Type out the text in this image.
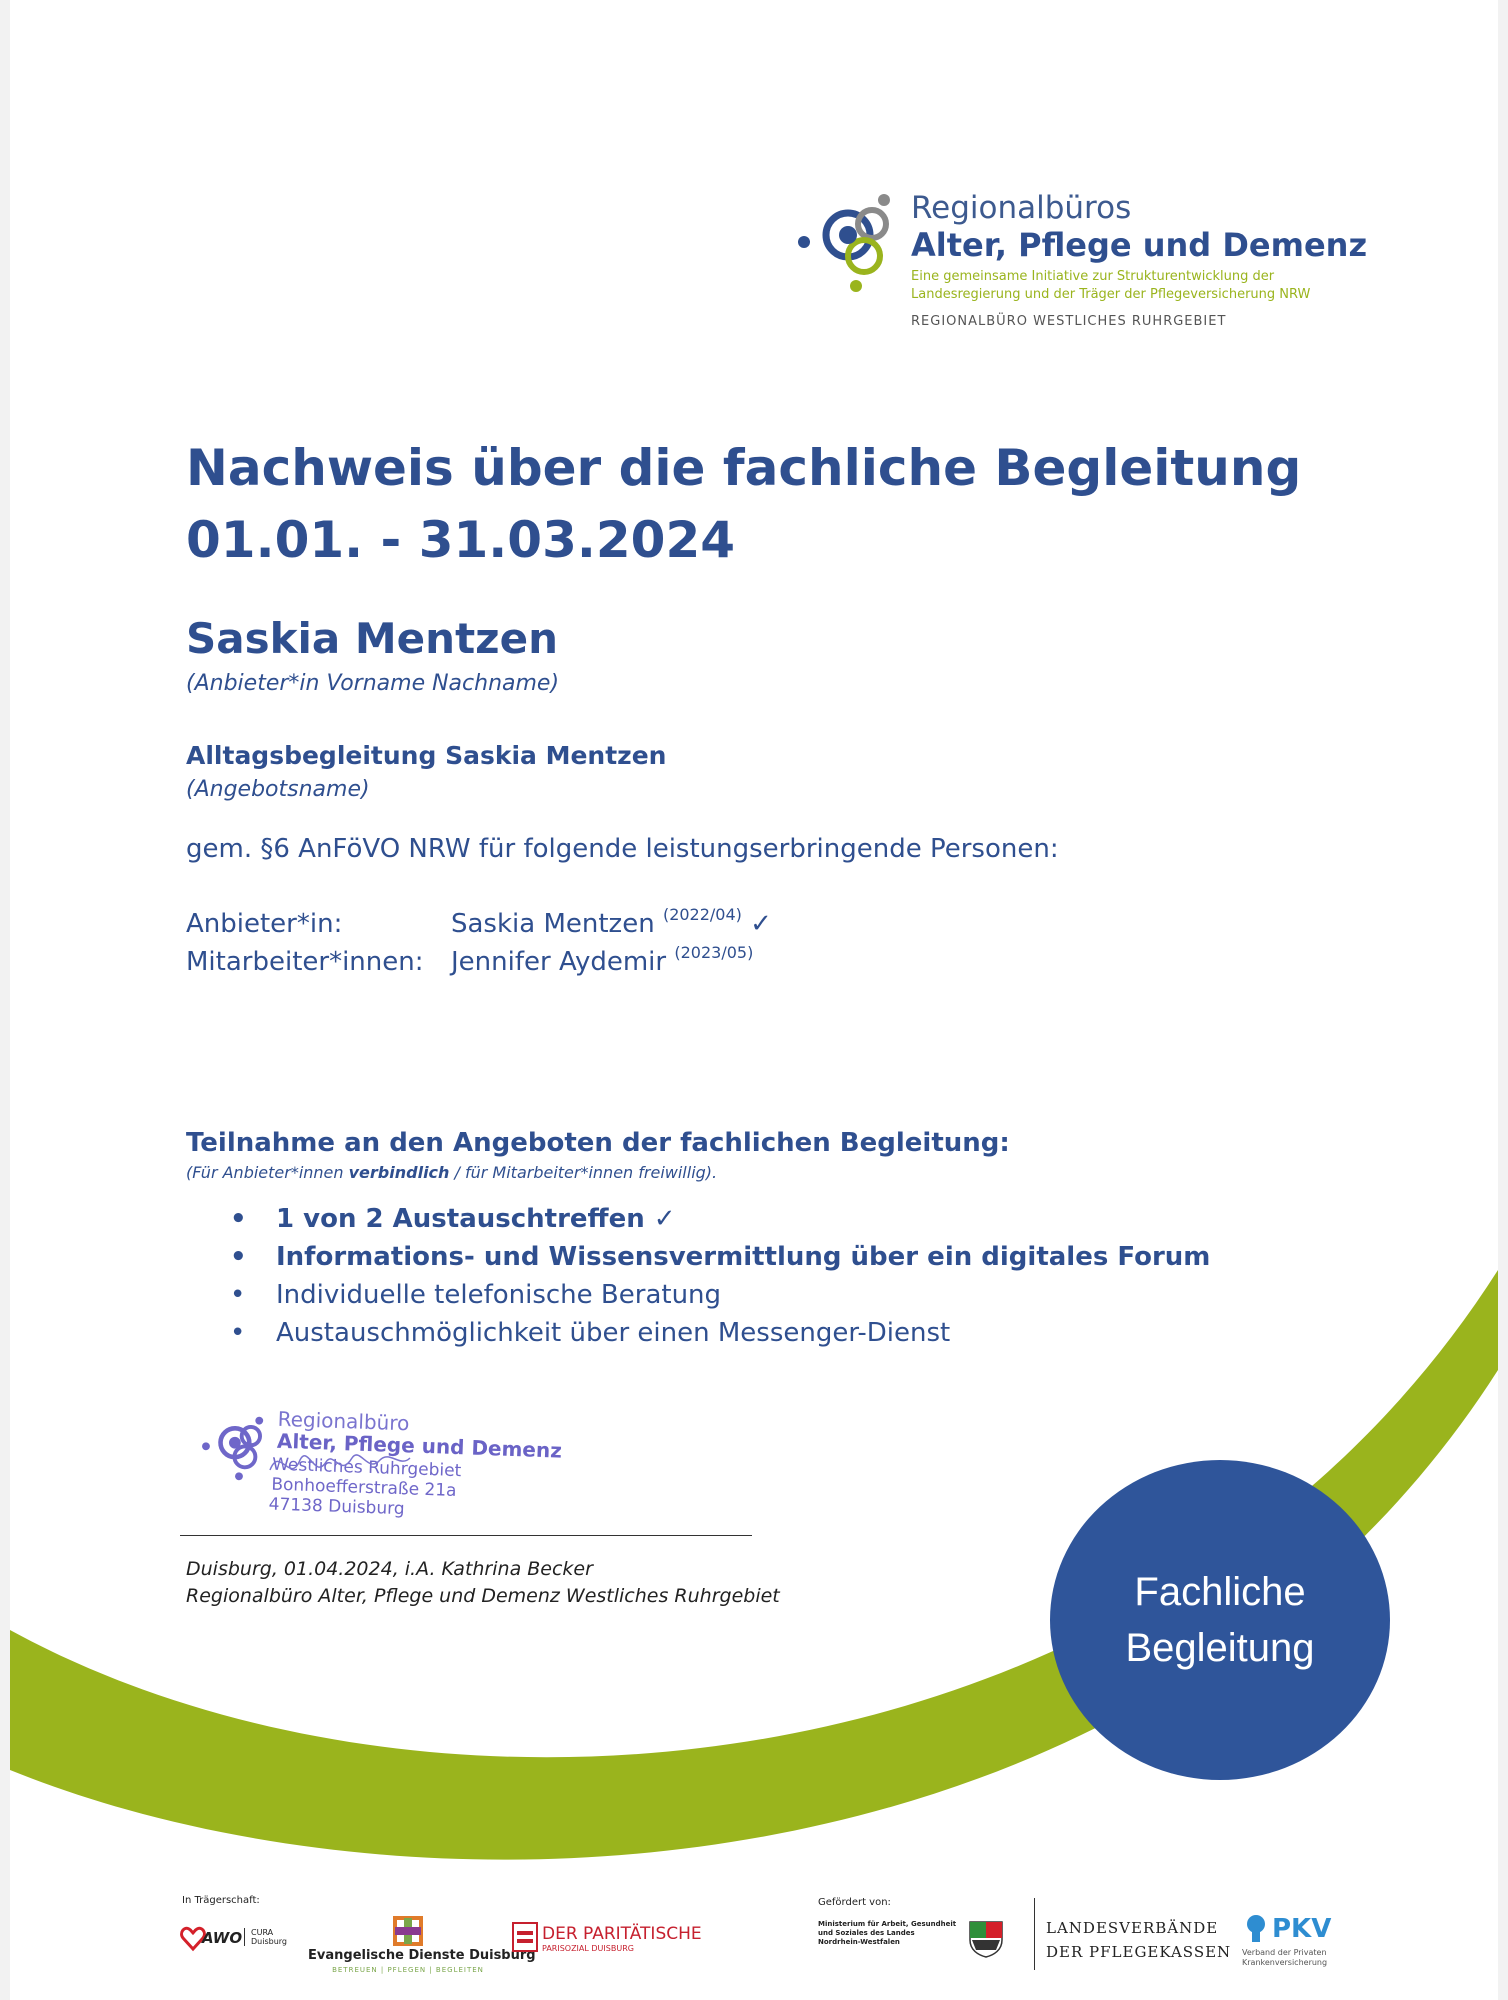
Regionalbüros
Alter, Pflege und Demenz
Eine gemeinsame Initiative zur Strukturentwicklung der Landesregierung und der Träger der Pflegeversicherung NRW
REGIONALBÜRO WESTLICHES RUHRGEBIET
Nachweis über die fachliche Begleitung
01.01. - 31.03.2024
Saskia Mentzen
(Anbieter*in Vorname Nachname)
Alltagsbegleitung Saskia Mentzen
(Angebotsname)
gem. §6 AnFöVO NRW für folgende leistungserbringende Personen:
Anbieter*in:	Saskia Mentzen $^{(2022/04)}$ ✓
Mitarbeiter*innen: Jennifer Aydemir $^{(2023/05)}$
Teilnahme an den Angeboten der fachlichen Begleitung:
(Für Anbieter*innen verbindlich / für Mitarbeiter*innen freiwillig).
• 1 von 2 Austauschtreffen ✓
• Informations- und Wissensvermittlung über ein digitales Forum
• Individuelle telefonische Beratung
• Austauschmöglichkeit über einen Messenger-Dienst
Regionalbüro
Alter, Pflege und Demenz
Westliches Ruhrgebiet
Bonhoefferstraße 21a
47138 Duisburg
Duisburg, 01.04.2024, i.A. Kathrina Becker
Regionalbüro Alter, Pflege und Demenz Westliches Ruhrgebiet	Fachliche
Begleitung
In Trägerschaft:
AWO	CURA Duisburg
Evangelische Dienste Duisburg
BETREUEN | PFLEGEN | BEGLEITEN
DER PARITÄTISCHE
PARISOZIAL DUISBURG
Gefördert von:
Ministerium für Arbeit, Gesundheit und Soziales des Landes Nordrhein-Westfalen
LANDESVERBÄNDE
DER PFLEGEKASSEN
PKV
Verband der Privaten Krankenversicherung
